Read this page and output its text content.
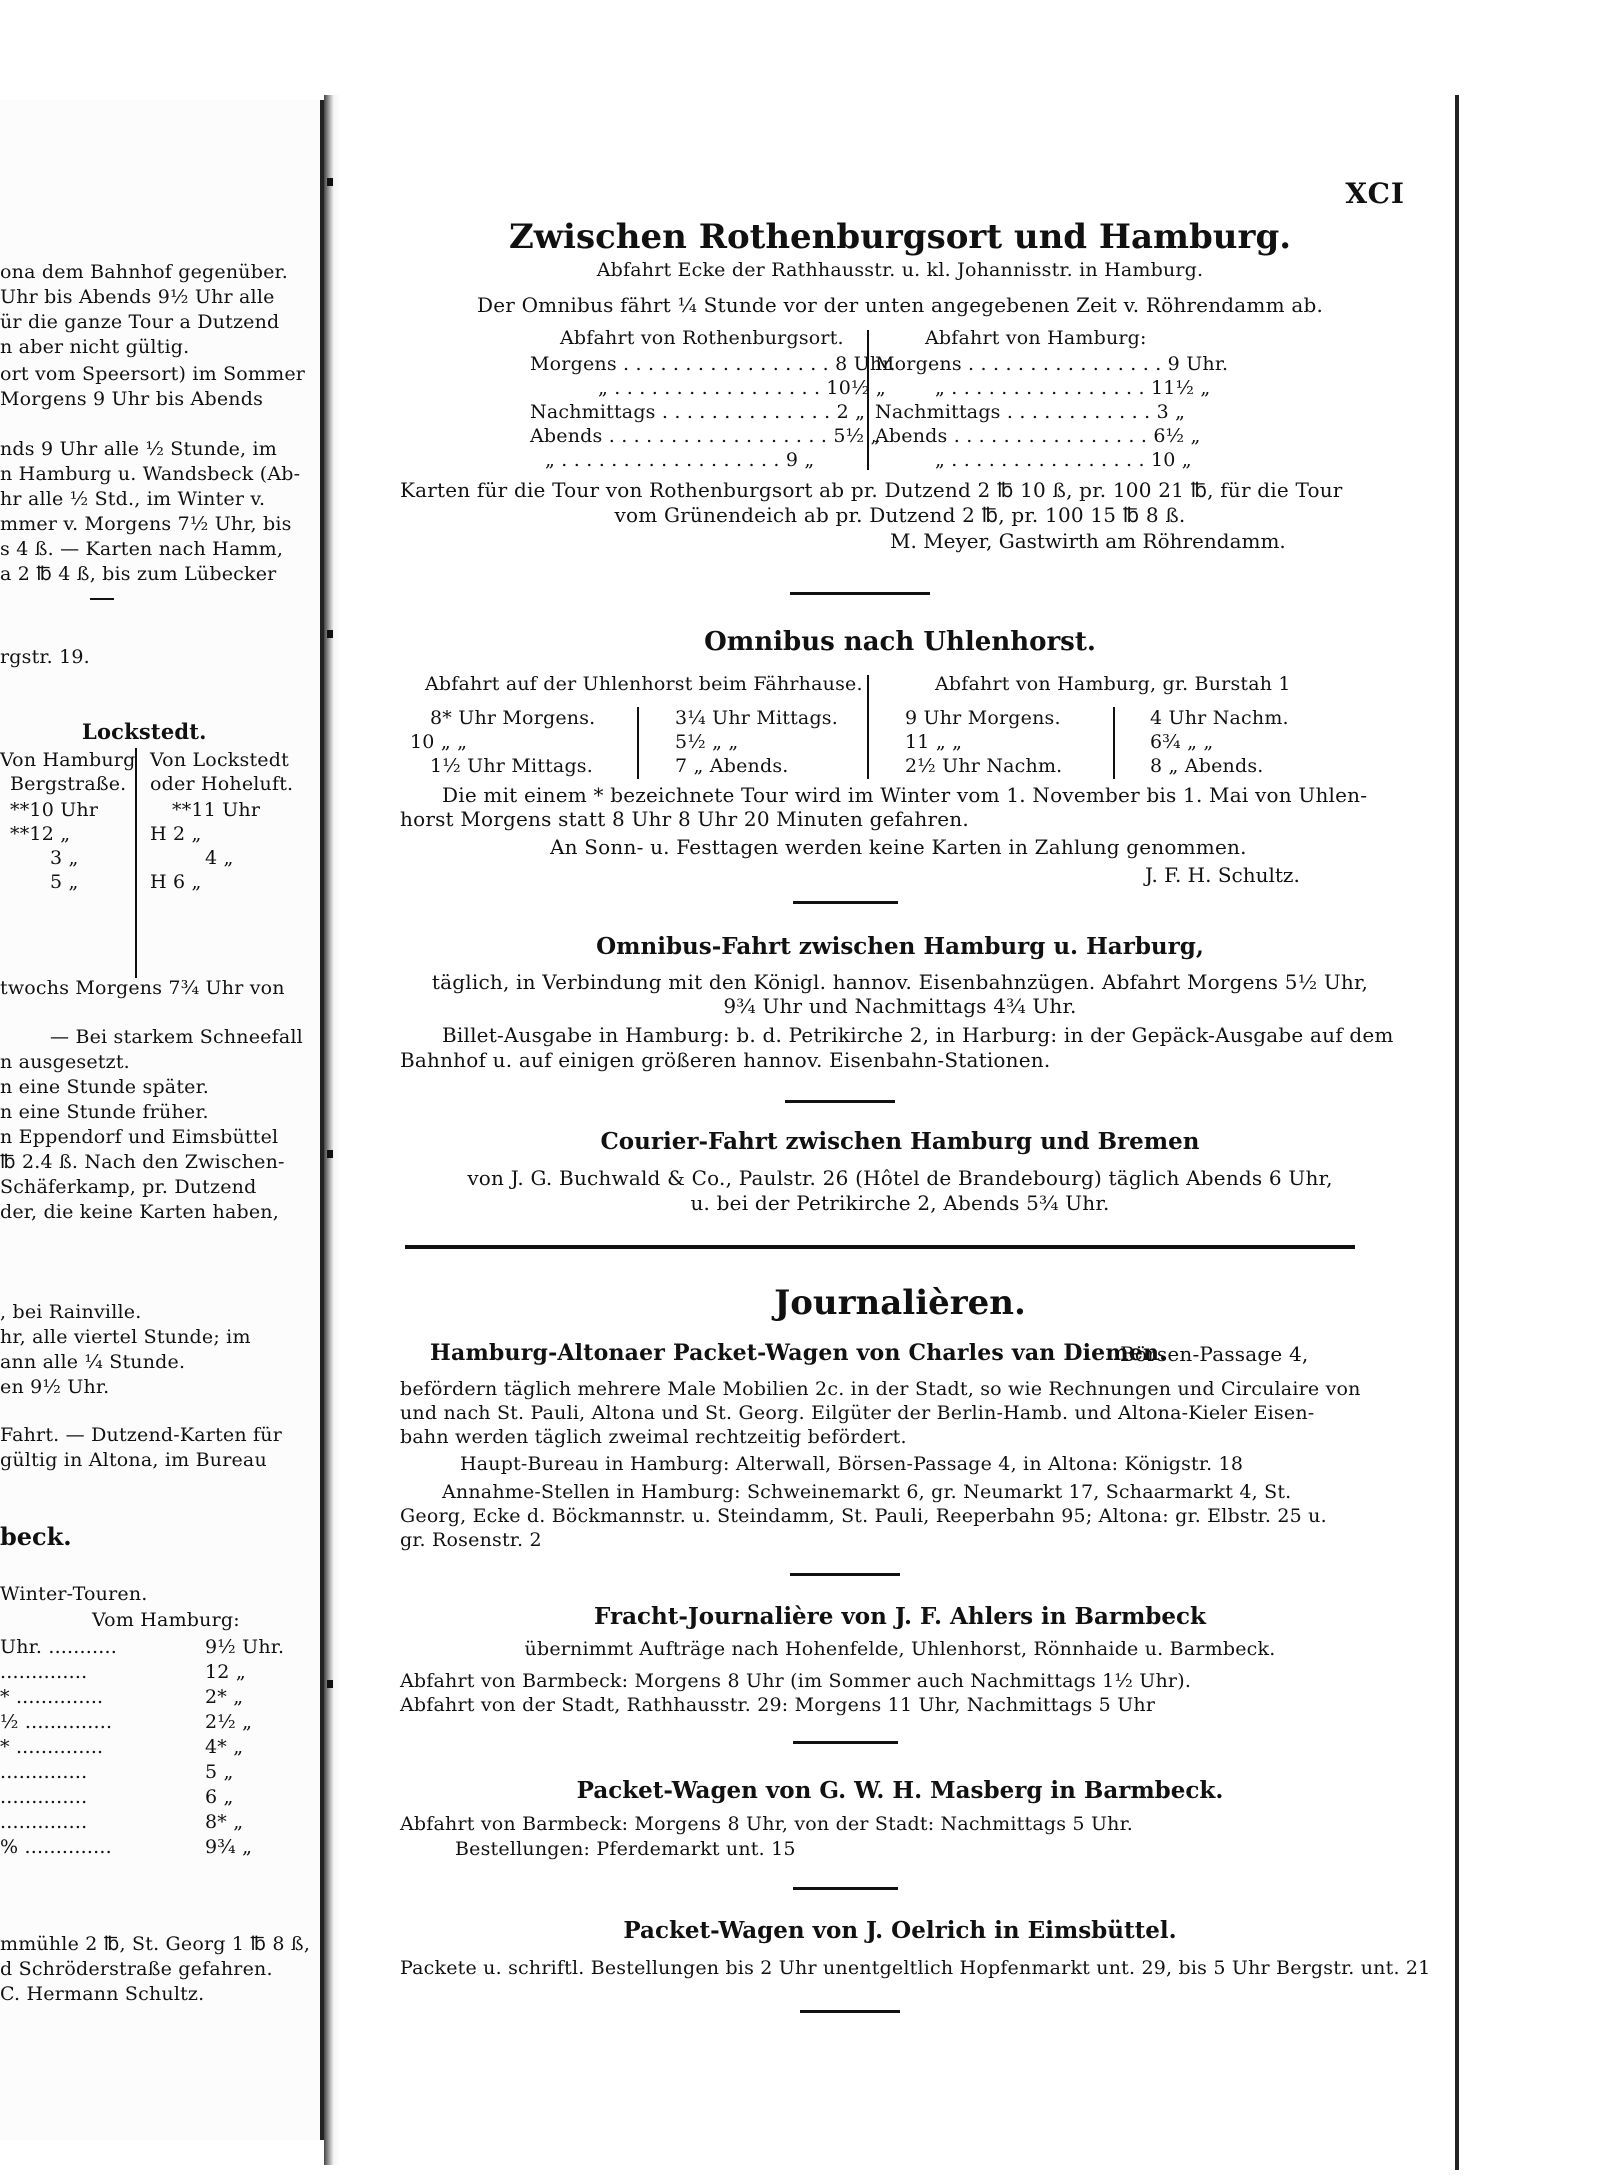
ona dem Bahnhof gegenüber.
Uhr bis Abends 9½ Uhr alle
ür die ganze Tour a Dutzend
n aber nicht gültig.
ort vom Speersort) im Sommer
Morgens 9 Uhr bis Abends
nds 9 Uhr alle ½ Stunde, im
n Hamburg u. Wandsbeck (Ab-
hr alle ½ Std., im Winter v.
mmer v. Morgens 7½ Uhr, bis
s 4 ß. — Karten nach Hamm,
a 2 ℔ 4 ß, bis zum Lübecker
rgstr. 19.
Lockstedt.
Von Hamburg
Bergstraße.
Von Lockstedt
oder Hoheluft.
**10 Uhr
**12 „
3 „
5 „
**11 Uhr
H 2 „
4 „
H 6 „
twochs Morgens 7¾ Uhr von
— Bei starkem Schneefall
n ausgesetzt.
n eine Stunde später.
n eine Stunde früher.
n Eppendorf und Eimsbüttel
℔ 2.4 ß. Nach den Zwischen-
Schäferkamp, pr. Dutzend
der, die keine Karten haben,
, bei Rainville.
hr, alle viertel Stunde; im
ann alle ¼ Stunde.
en 9½ Uhr.
Fahrt. — Dutzend-Karten für
gültig in Altona, im Bureau
beck.
Winter-Touren.
Vom Hamburg:
Uhr. ...........
..............
* ..............
½ ..............
* ..............
..............
..............
..............
% ..............
9½ Uhr.
12 „
2* „
2½ „
4* „
5 „
6 „
8* „
9¾ „
mmühle 2 ℔, St. Georg 1 ℔ 8 ß,
d Schröderstraße gefahren.
C. Hermann Schultz.
XCI
Zwischen Rothenburgsort und Hamburg.
Abfahrt Ecke der Rathhausstr. u. kl. Johannisstr. in Hamburg.
Der Omnibus fährt ¼ Stunde vor der unten angegebenen Zeit v. Röhrendamm ab.
Abfahrt von Rothenburgsort.	Abfahrt von Hamburg:
Morgens . . . . . . . . . . . . . . . . . 8 Uhr.
„ . . . . . . . . . . . . . . . . . 10½ „
Nachmittags . . . . . . . . . . . . . . 2 „
Abends . . . . . . . . . . . . . . . . . . 5½ „
„ . . . . . . . . . . . . . . . . . . 9 „
Morgens . . . . . . . . . . . . . . . . 9 Uhr.
„ . . . . . . . . . . . . . . . . 11½ „
Nachmittags . . . . . . . . . . . . 3 „
Abends . . . . . . . . . . . . . . . . 6½ „
„ . . . . . . . . . . . . . . . . 10 „
Karten für die Tour von Rothenburgsort ab pr. Dutzend 2 ℔ 10 ß, pr. 100 21 ℔, für die Tour
vom Grünendeich ab pr. Dutzend 2 ℔, pr. 100 15 ℔ 8 ß.
M. Meyer, Gastwirth am Röhrendamm.
Omnibus nach Uhlenhorst.
Abfahrt auf der Uhlenhorst beim Fährhause.	Abfahrt von Hamburg, gr. Burstah 1
8* Uhr Morgens.
10 „ „
1½ Uhr Mittags.
3¼ Uhr Mittags.
5½ „ „
7 „ Abends.
9 Uhr Morgens.
11 „ „
2½ Uhr Nachm.
4 Uhr Nachm.
6¾ „ „
8 „ Abends.
Die mit einem * bezeichnete Tour wird im Winter vom 1. November bis 1. Mai von Uhlen-
horst Morgens statt 8 Uhr 8 Uhr 20 Minuten gefahren.
An Sonn- u. Festtagen werden keine Karten in Zahlung genommen.
J. F. H. Schultz.
Omnibus-Fahrt zwischen Hamburg u. Harburg,
täglich, in Verbindung mit den Königl. hannov. Eisenbahnzügen. Abfahrt Morgens 5½ Uhr,
9¾ Uhr und Nachmittags 4¾ Uhr.
Billet-Ausgabe in Hamburg: b. d. Petrikirche 2, in Harburg: in der Gepäck-Ausgabe auf dem
Bahnhof u. auf einigen größeren hannov. Eisenbahn-Stationen.
Courier-Fahrt zwischen Hamburg und Bremen
von J. G. Buchwald & Co., Paulstr. 26 (Hôtel de Brandebourg) täglich Abends 6 Uhr,
u. bei der Petrikirche 2, Abends 5¾ Uhr.
Journalièren.
Hamburg-Altonaer Packet-Wagen von Charles van Diemen.
Börsen-Passage 4,
befördern täglich mehrere Male Mobilien 2c. in der Stadt, so wie Rechnungen und Circulaire von
und nach St. Pauli, Altona und St. Georg. Eilgüter der Berlin-Hamb. und Altona-Kieler Eisen-
bahn werden täglich zweimal rechtzeitig befördert.
Haupt-Bureau in Hamburg: Alterwall, Börsen-Passage 4, in Altona: Königstr. 18
Annahme-Stellen in Hamburg: Schweinemarkt 6, gr. Neumarkt 17, Schaarmarkt 4, St.
Georg, Ecke d. Böckmannstr. u. Steindamm, St. Pauli, Reeperbahn 95; Altona: gr. Elbstr. 25 u.
gr. Rosenstr. 2
Fracht-Journalière von J. F. Ahlers in Barmbeck
übernimmt Aufträge nach Hohenfelde, Uhlenhorst, Rönnhaide u. Barmbeck.
Abfahrt von Barmbeck: Morgens 8 Uhr (im Sommer auch Nachmittags 1½ Uhr).
Abfahrt von der Stadt, Rathhausstr. 29: Morgens 11 Uhr, Nachmittags 5 Uhr
Packet-Wagen von G. W. H. Masberg in Barmbeck.
Abfahrt von Barmbeck: Morgens 8 Uhr, von der Stadt: Nachmittags 5 Uhr.
Bestellungen: Pferdemarkt unt. 15
Packet-Wagen von J. Oelrich in Eimsbüttel.
Packete u. schriftl. Bestellungen bis 2 Uhr unentgeltlich Hopfenmarkt unt. 29, bis 5 Uhr Bergstr. unt. 21
